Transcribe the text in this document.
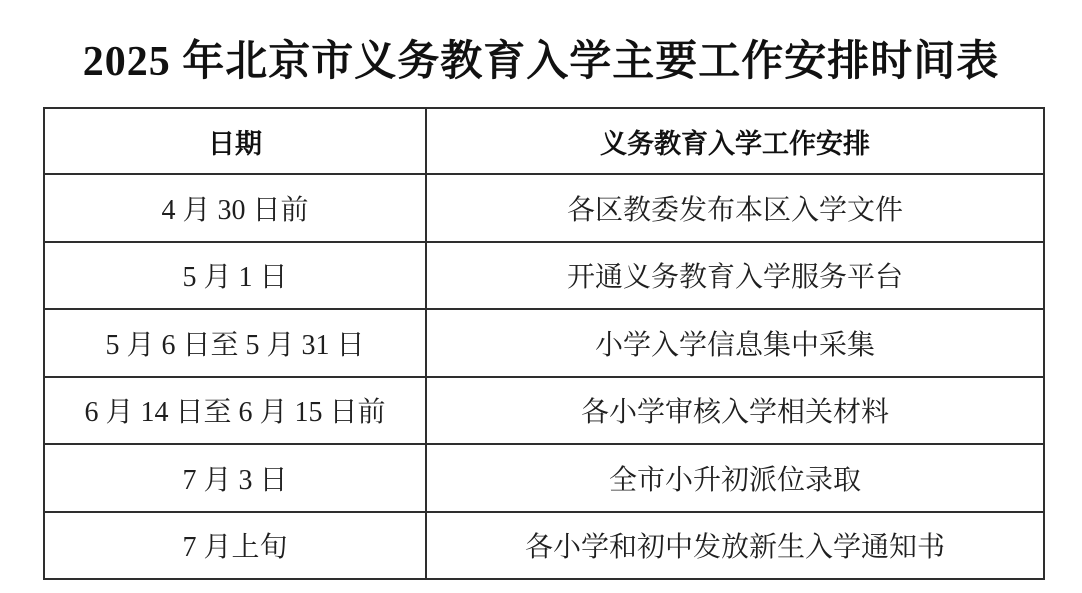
2025 年北京市义务教育入学主要工作安排时间表
日期	义务教育入学工作安排
4 月 30 日前	各区教委发布本区入学文件
5 月 1 日	开通义务教育入学服务平台
5 月 6 日至 5 月 31 日	小学入学信息集中采集
6 月 14 日至 6 月 15 日前	各小学审核入学相关材料
7 月 3 日	全市小升初派位录取
7 月上旬	各小学和初中发放新生入学通知书
